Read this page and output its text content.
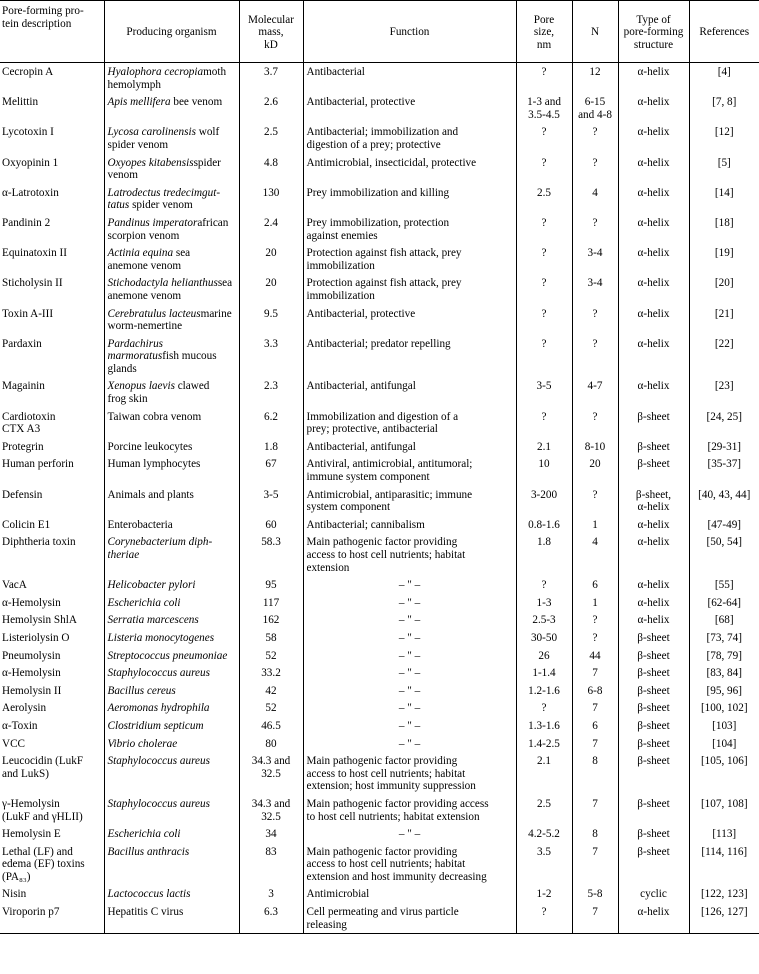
Pore-forming pro-
tein description	Producing organism	Molecular
mass,
kD	Function	Pore
size,
nm	N	Type of
pore-forming
structure	References
Cecropin A	Hyalophora cecropiamoth hemolymph	3.7	Antibacterial	?	12	α-helix	[4]
Melittin	Apis mellifera bee venom	2.6	Antibacterial, protective	1-3 and
3.5-4.5	6-15
and 4-8	α-helix	[7, 8]
Lycotoxin I	Lycosa carolinensis wolf
spider venom	2.5	Antibacterial; immobilization and
digestion of a prey; protective	?	?	α-helix	[12]
Oxyopinin 1	Oxyopes kitabensisspider venom	4.8	Antimicrobial, insecticidal, protective	?	?	α-helix	[5]
α-Latrotoxin	Latrodectus tredecimgut-
tatus spider venom	130	Prey immobilization and killing	2.5	4	α-helix	[14]
Pandinin 2	Pandinus imperatorafrican scorpion venom	2.4	Prey immobilization, protection
against enemies	?	?	α-helix	[18]
Equinatoxin II	Actinia equina sea
anemone venom	20	Protection against fish attack, prey
immobilization	?	3-4	α-helix	[19]
Sticholysin II	Stichodactyla helianthussea anemone venom	20	Protection against fish attack, prey
immobilization	?	3-4	α-helix	[20]
Toxin A-III	Cerebratulus lacteusmarine worm-nemertine	9.5	Antibacterial, protective	?	?	α-helix	[21]
Pardaxin	Pardachirus marmoratusfish mucous glands	3.3	Antibacterial; predator repelling	?	?	α-helix	[22]
Magainin	Xenopus laevis clawed
frog skin	2.3	Antibacterial, antifungal	3-5	4-7	α-helix	[23]
Cardiotoxin
CTX A3	Taiwan cobra venom	6.2	Immobilization and digestion of a
prey; protective, antibacterial	?	?	β-sheet	[24, 25]
Protegrin	Porcine leukocytes	1.8	Antibacterial, antifungal	2.1	8-10	β-sheet	[29-31]
Human perforin	Human lymphocytes	67	Antiviral, antimicrobial, antitumoral;
immune system component	10	20	β-sheet	[35-37]
Defensin	Animals and plants	3-5	Antimicrobial, antiparasitic; immune
system component	3-200	?	β-sheet,
α-helix	[40, 43, 44]
Colicin E1	Enterobacteria	60	Antibacterial; cannibalism	0.8-1.6	1	α-helix	[47-49]
Diphtheria toxin	Corynebacterium diph-
theriae	58.3	Main pathogenic factor providing
access to host cell nutrients; habitat
extension	1.8	4	α-helix	[50, 54]
VacA	Helicobacter pylori	95	– " –	?	6	α-helix	[55]
α-Hemolysin	Escherichia coli	117	– " –	1-3	1	α-helix	[62-64]
Hemolysin ShlA	Serratia marcescens	162	– " –	2.5-3	?	α-helix	[68]
Listeriolysin O	Listeria monocytogenes	58	– " –	30-50	?	β-sheet	[73, 74]
Pneumolysin	Streptococcus pneumoniae	52	– " –	26	44	β-sheet	[78, 79]
α-Hemolysin	Staphylococcus aureus	33.2	– " –	1-1.4	7	β-sheet	[83, 84]
Hemolysin II	Bacillus cereus	42	– " –	1.2-1.6	6-8	β-sheet	[95, 96]
Aerolysin	Aeromonas hydrophila	52	– " –	?	7	β-sheet	[100, 102]
α-Toxin	Clostridium septicum	46.5	– " –	1.3-1.6	6	β-sheet	[103]
VCC	Vibrio cholerae	80	– " –	1.4-2.5	7	β-sheet	[104]
Leucocidin (LukF
and LukS)	Staphylococcus aureus	34.3 and
32.5	Main pathogenic factor providing
access to host cell nutrients; habitat
extension; host immunity suppression	2.1	8	β-sheet	[105, 106]
γ-Hemolysin
(LukF and γHLII)	Staphylococcus aureus	34.3 and
32.5	Main pathogenic factor providing access
to host cell nutrients; habitat extension	2.5	7	β-sheet	[107, 108]
Hemolysin E	Escherichia coli	34	– " –	4.2-5.2	8	β-sheet	[113]
Lethal (LF) and
edema (EF) toxins
(PA₈₃)	Bacillus anthracis	83	Main pathogenic factor providing
access to host cell nutrients; habitat
extension and host immunity decreasing	3.5	7	β-sheet	[114, 116]
Nisin	Lactococcus lactis	3	Antimicrobial	1-2	5-8	cyclic	[122, 123]
Viroporin p7	Hepatitis C virus	6.3	Cell permeating and virus particle
releasing	?	7	α-helix	[126, 127]
